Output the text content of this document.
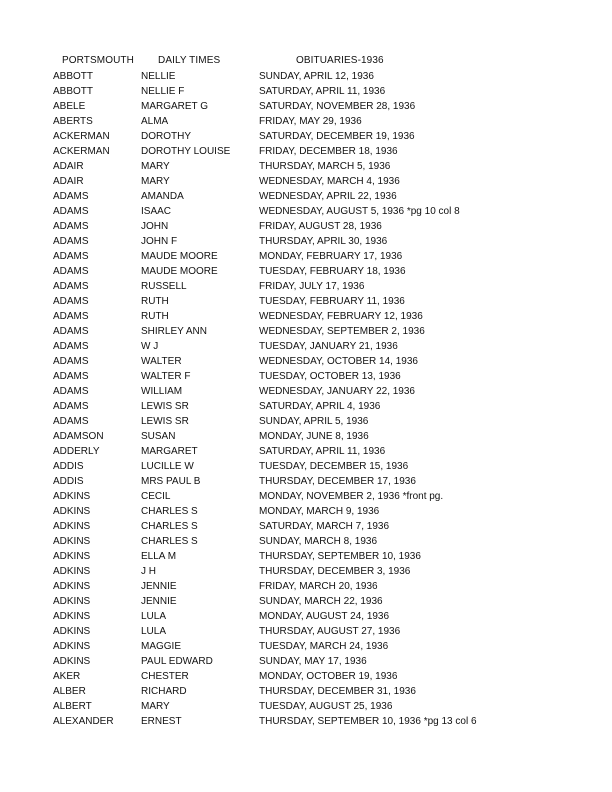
PORTSMOUTH DAILY TIMES	OBITUARIES-1936
ABBOTT	NELLIE	SUNDAY, APRIL 12, 1936
ABBOTT	NELLIE F	SATURDAY, APRIL 11, 1936
ABELE	MARGARET G	SATURDAY, NOVEMBER 28, 1936
ABERTS	ALMA	FRIDAY, MAY 29, 1936
ACKERMAN	DOROTHY	SATURDAY, DECEMBER 19, 1936
ACKERMAN	DOROTHY LOUISE	FRIDAY, DECEMBER 18, 1936
ADAIR	MARY	THURSDAY, MARCH 5, 1936
ADAIR	MARY	WEDNESDAY, MARCH 4, 1936
ADAMS	AMANDA	WEDNESDAY, APRIL 22, 1936
ADAMS	ISAAC	WEDNESDAY, AUGUST 5, 1936 *pg 10 col 8
ADAMS	JOHN	FRIDAY, AUGUST 28, 1936
ADAMS	JOHN F	THURSDAY, APRIL 30, 1936
ADAMS	MAUDE MOORE	MONDAY, FEBRUARY 17, 1936
ADAMS	MAUDE MOORE	TUESDAY, FEBRUARY 18, 1936
ADAMS	RUSSELL	FRIDAY, JULY 17, 1936
ADAMS	RUTH	TUESDAY, FEBRUARY 11, 1936
ADAMS	RUTH	WEDNESDAY, FEBRUARY 12, 1936
ADAMS	SHIRLEY ANN	WEDNESDAY, SEPTEMBER 2, 1936
ADAMS	W J	TUESDAY, JANUARY 21, 1936
ADAMS	WALTER	WEDNESDAY, OCTOBER 14, 1936
ADAMS	WALTER F	TUESDAY, OCTOBER 13, 1936
ADAMS	WILLIAM	WEDNESDAY, JANUARY 22, 1936
ADAMS	LEWIS SR	SATURDAY, APRIL 4, 1936
ADAMS	LEWIS SR	SUNDAY, APRIL 5, 1936
ADAMSON	SUSAN	MONDAY, JUNE 8, 1936
ADDERLY	MARGARET	SATURDAY, APRIL 11, 1936
ADDIS	LUCILLE W	TUESDAY, DECEMBER 15, 1936
ADDIS	MRS PAUL B	THURSDAY, DECEMBER 17, 1936
ADKINS	CECIL	MONDAY, NOVEMBER 2, 1936 *front pg.
ADKINS	CHARLES S	MONDAY, MARCH 9, 1936
ADKINS	CHARLES S	SATURDAY, MARCH 7, 1936
ADKINS	CHARLES S	SUNDAY, MARCH 8, 1936
ADKINS	ELLA M	THURSDAY, SEPTEMBER 10, 1936
ADKINS	J H	THURSDAY, DECEMBER 3, 1936
ADKINS	JENNIE	FRIDAY, MARCH 20, 1936
ADKINS	JENNIE	SUNDAY, MARCH 22, 1936
ADKINS	LULA	MONDAY, AUGUST 24, 1936
ADKINS	LULA	THURSDAY, AUGUST 27, 1936
ADKINS	MAGGIE	TUESDAY, MARCH 24, 1936
ADKINS	PAUL EDWARD	SUNDAY, MAY 17, 1936
AKER	CHESTER	MONDAY, OCTOBER 19, 1936
ALBER	RICHARD	THURSDAY, DECEMBER 31, 1936
ALBERT	MARY	TUESDAY, AUGUST 25, 1936
ALEXANDER	ERNEST	THURSDAY, SEPTEMBER 10, 1936 *pg 13 col 6
